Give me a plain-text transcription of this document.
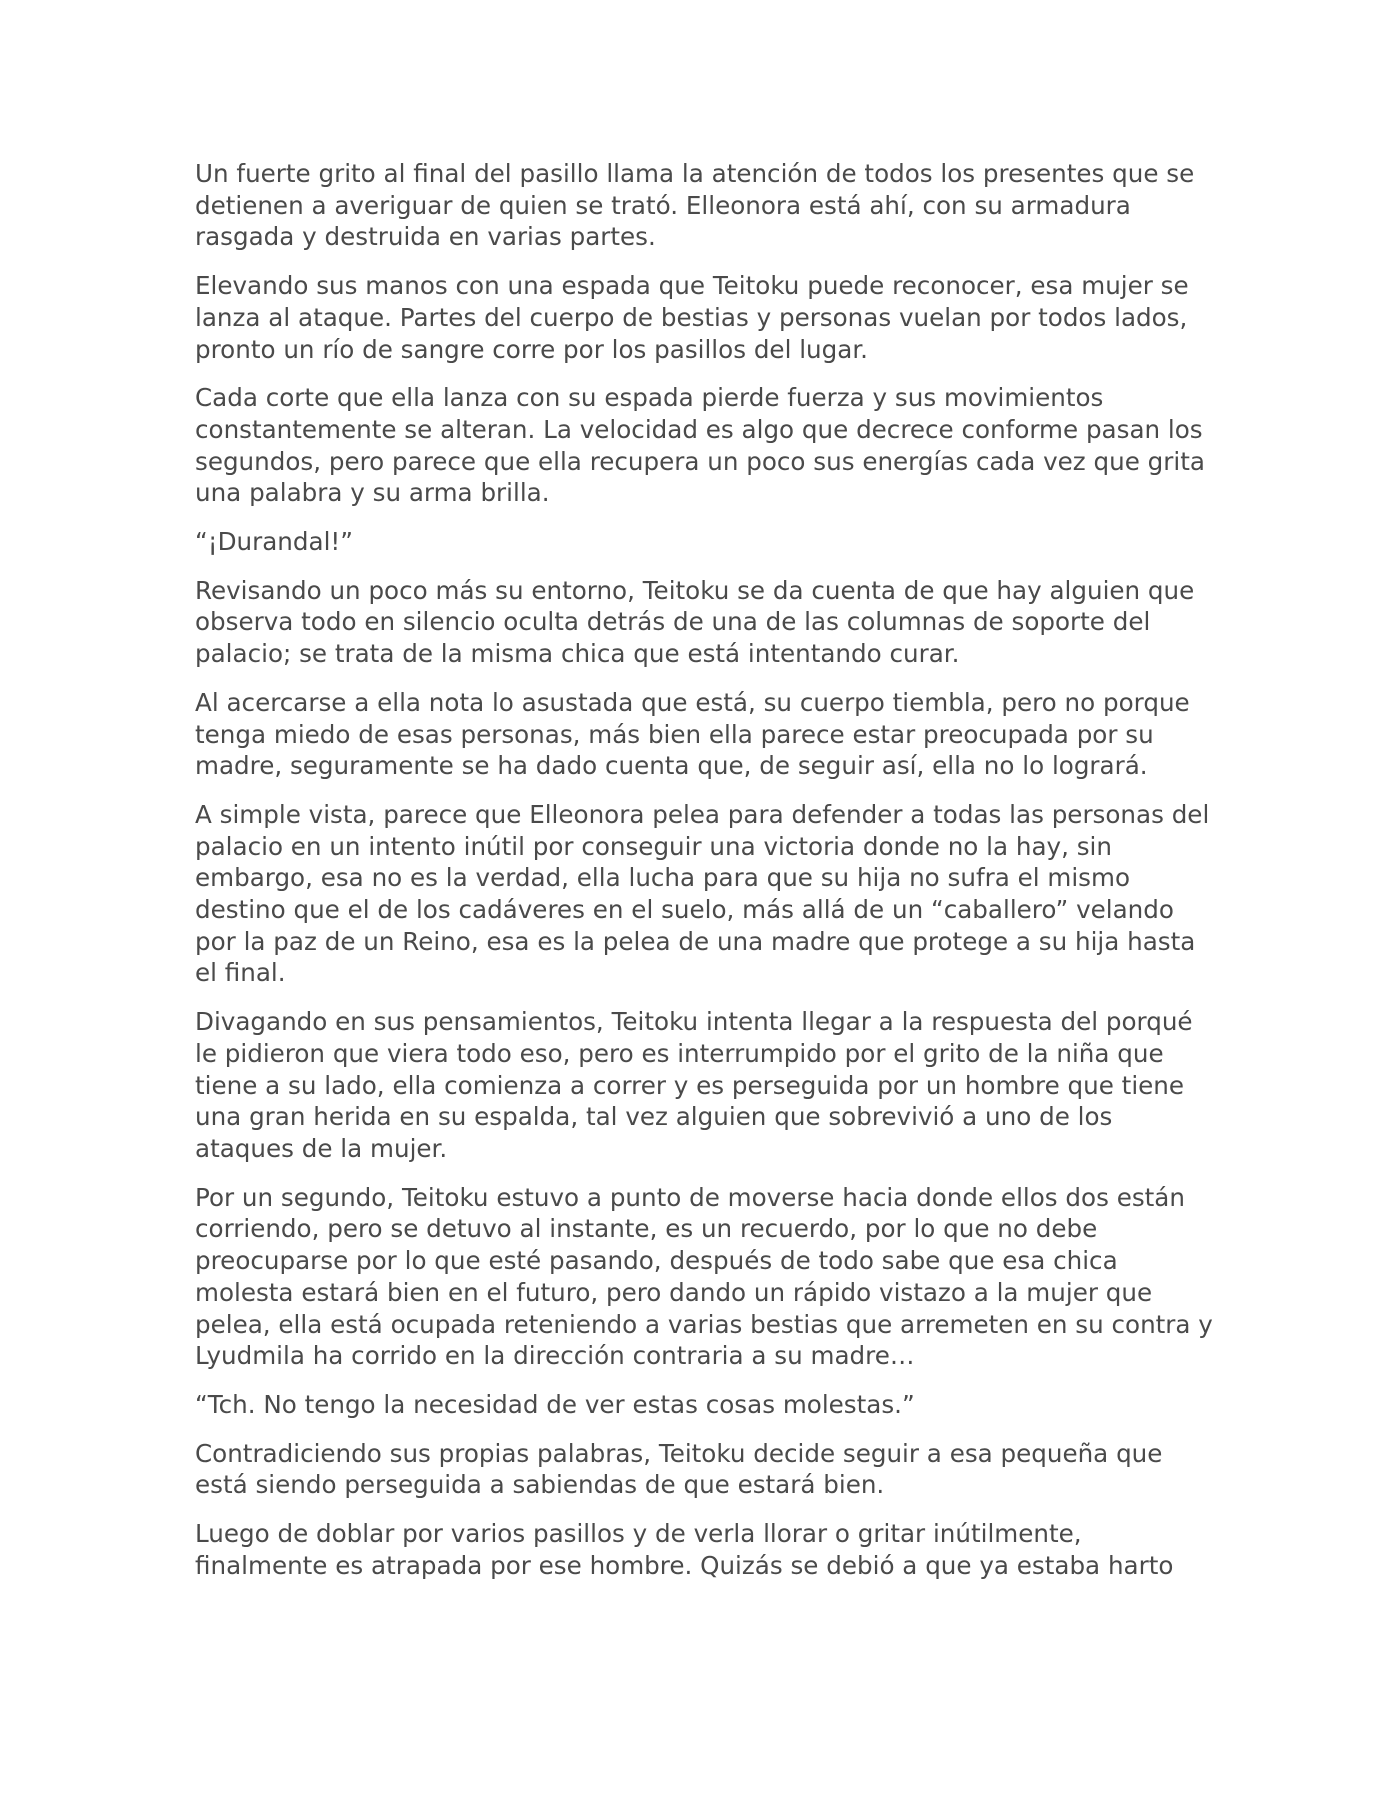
Un fuerte grito al final del pasillo llama la atención de todos los presentes que se detienen a averiguar de quien se trató. Elleonora está ahí, con su armadura rasgada y destruida en varias partes.

Elevando sus manos con una espada que Teitoku puede reconocer, esa mujer se lanza al ataque. Partes del cuerpo de bestias y personas vuelan por todos lados, pronto un río de sangre corre por los pasillos del lugar.

Cada corte que ella lanza con su espada pierde fuerza y sus movimientos constantemente se alteran. La velocidad es algo que decrece conforme pasan los segundos, pero parece que ella recupera un poco sus energías cada vez que grita una palabra y su arma brilla.

“¡Durandal!”

Revisando un poco más su entorno, Teitoku se da cuenta de que hay alguien que observa todo en silencio oculta detrás de una de las columnas de soporte del palacio; se trata de la misma chica que está intentando curar.

Al acercarse a ella nota lo asustada que está, su cuerpo tiembla, pero no porque tenga miedo de esas personas, más bien ella parece estar preocupada por su madre, seguramente se ha dado cuenta que, de seguir así, ella no lo logrará.

A simple vista, parece que Elleonora pelea para defender a todas las personas del palacio en un intento inútil por conseguir una victoria donde no la hay, sin embargo, esa no es la verdad, ella lucha para que su hija no sufra el mismo destino que el de los cadáveres en el suelo, más allá de un “caballero” velando por la paz de un Reino, esa es la pelea de una madre que protege a su hija hasta el final.

Divagando en sus pensamientos, Teitoku intenta llegar a la respuesta del porqué le pidieron que viera todo eso, pero es interrumpido por el grito de la niña que tiene a su lado, ella comienza a correr y es perseguida por un hombre que tiene una gran herida en su espalda, tal vez alguien que sobrevivió a uno de los ataques de la mujer.

Por un segundo, Teitoku estuvo a punto de moverse hacia donde ellos dos están corriendo, pero se detuvo al instante, es un recuerdo, por lo que no debe preocuparse por lo que esté pasando, después de todo sabe que esa chica molesta estará bien en el futuro, pero dando un rápido vistazo a la mujer que pelea, ella está ocupada reteniendo a varias bestias que arremeten en su contra y Lyudmila ha corrido en la dirección contraria a su madre…

“Tch. No tengo la necesidad de ver estas cosas molestas.”

Contradiciendo sus propias palabras, Teitoku decide seguir a esa pequeña que está siendo perseguida a sabiendas de que estará bien.

Luego de doblar por varios pasillos y de verla llorar o gritar inútilmente, finalmente es atrapada por ese hombre. Quizás se debió a que ya estaba harto
